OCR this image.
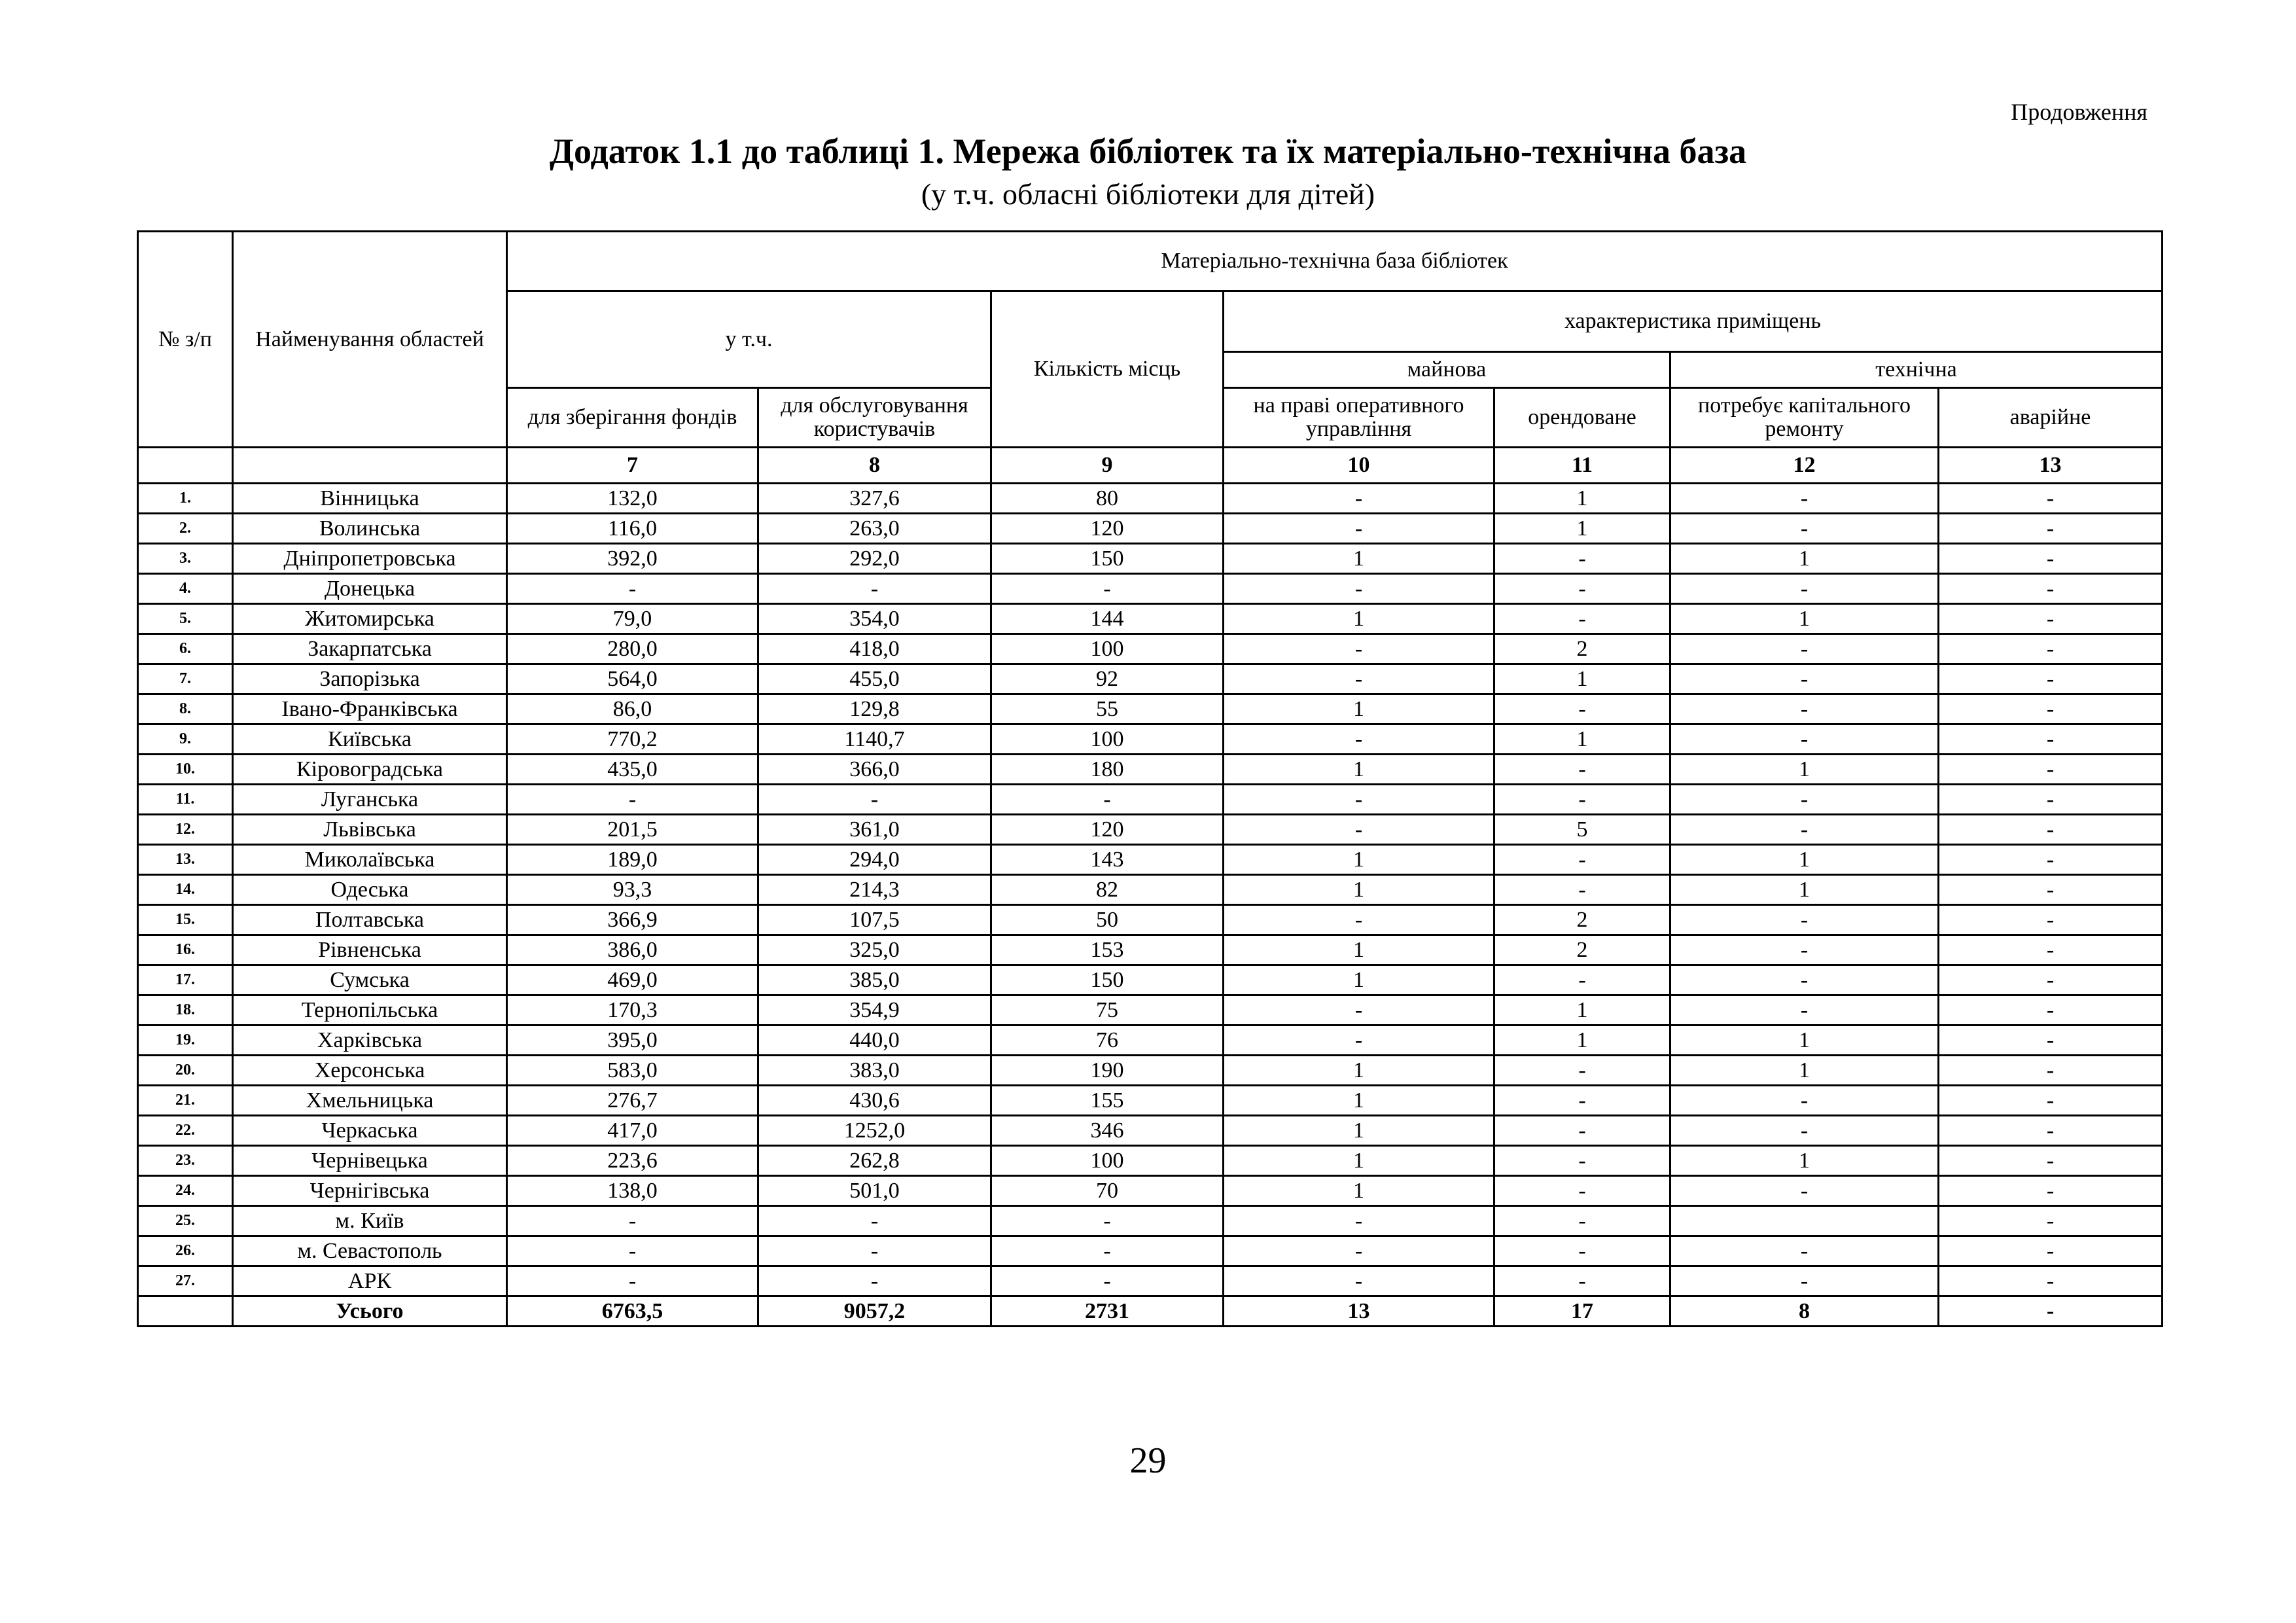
Продовження
Додаток 1.1 до таблиці 1. Мережа бібліотек та їх матеріально-технічна база
(у т.ч. обласні бібліотеки для дітей)
№ з/п	Найменування областей	Матеріально-технічна база бібліотек						
		у т.ч.		Кількість місць	характеристика приміщень			
					майнова		технічна	
		для зберігання фондів	для обслуговування користувачів		на праві оперативного управління	орендоване	потребує капітального ремонту	аварійне
		7	8	9	10	11	12	13
1.	Вінницька	132,0	327,6	80	-	1	-	-
2.	Волинська	116,0	263,0	120	-	1	-	-
3.	Дніпропетровська	392,0	292,0	150	1	-	1	-
4.	Донецька	-	-	-	-	-	-	-
5.	Житомирська	79,0	354,0	144	1	-	1	-
6.	Закарпатська	280,0	418,0	100	-	2	-	-
7.	Запорізька	564,0	455,0	92	-	1	-	-
8.	Івано-Франківська	86,0	129,8	55	1	-	-	-
9.	Київська	770,2	1140,7	100	-	1	-	-
10.	Кіровоградська	435,0	366,0	180	1	-	1	-
11.	Луганська	-	-	-	-	-	-	-
12.	Львівська	201,5	361,0	120	-	5	-	-
13.	Миколаївська	189,0	294,0	143	1	-	1	-
14.	Одеська	93,3	214,3	82	1	-	1	-
15.	Полтавська	366,9	107,5	50	-	2	-	-
16.	Рівненська	386,0	325,0	153	1	2	-	-
17.	Сумська	469,0	385,0	150	1	-	-	-
18.	Тернопільська	170,3	354,9	75	-	1	-	-
19.	Харківська	395,0	440,0	76	-	1	1	-
20.	Херсонська	583,0	383,0	190	1	-	1	-
21.	Хмельницька	276,7	430,6	155	1	-	-	-
22.	Черкаська	417,0	1252,0	346	1	-	-	-
23.	Чернівецька	223,6	262,8	100	1	-	1	-
24.	Чернігівська	138,0	501,0	70	1	-	-	-
25.	м. Київ	-	-	-	-	-		-
26.	м. Севастополь	-	-	-	-	-	-	-
27.	АРК	-	-	-	-	-	-	-
	Усього	6763,5	9057,2	2731	13	17	8	-
29
